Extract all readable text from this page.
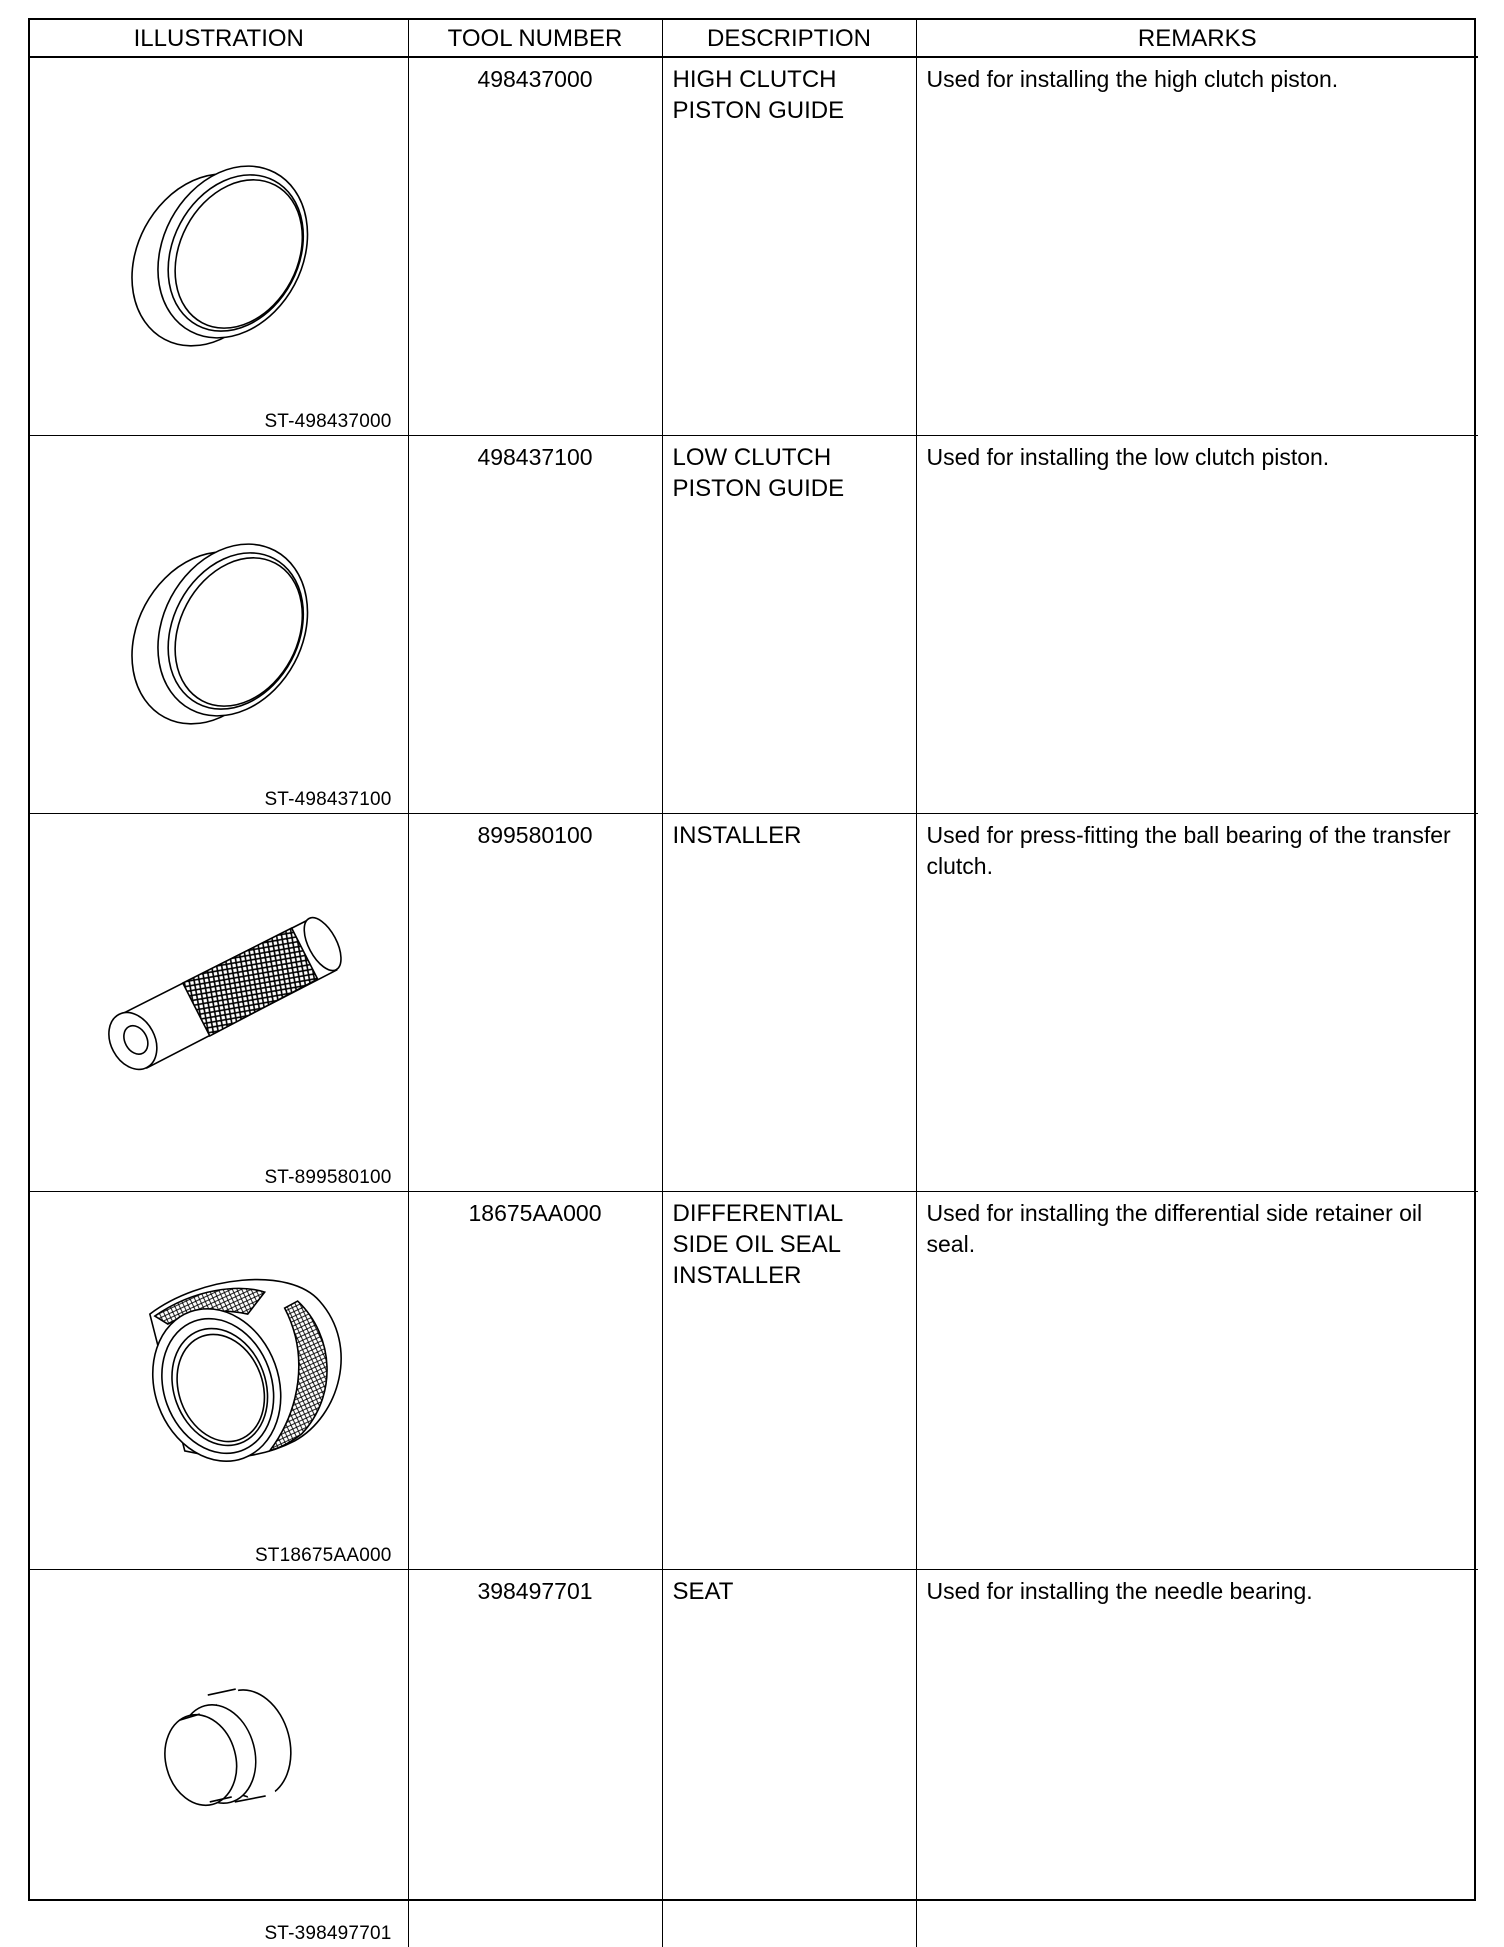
ILLUSTRATION	TOOL NUMBER	DESCRIPTION	REMARKS

ST-498437000	498437000	HIGH CLUTCH
PISTON GUIDE	Used for installing the high clutch piston.

ST-498437100	498437100	LOW CLUTCH
PISTON GUIDE	Used for installing the low clutch piston.

ST-899580100	899580100	INSTALLER	Used for press-fitting the ball bearing of the transfer clutch.

ST18675AA000	18675AA000	DIFFERENTIAL
SIDE OIL SEAL
INSTALLER	Used for installing the differential side retainer oil seal.

ST-398497701	398497701	SEAT	Used for installing the needle bearing.
